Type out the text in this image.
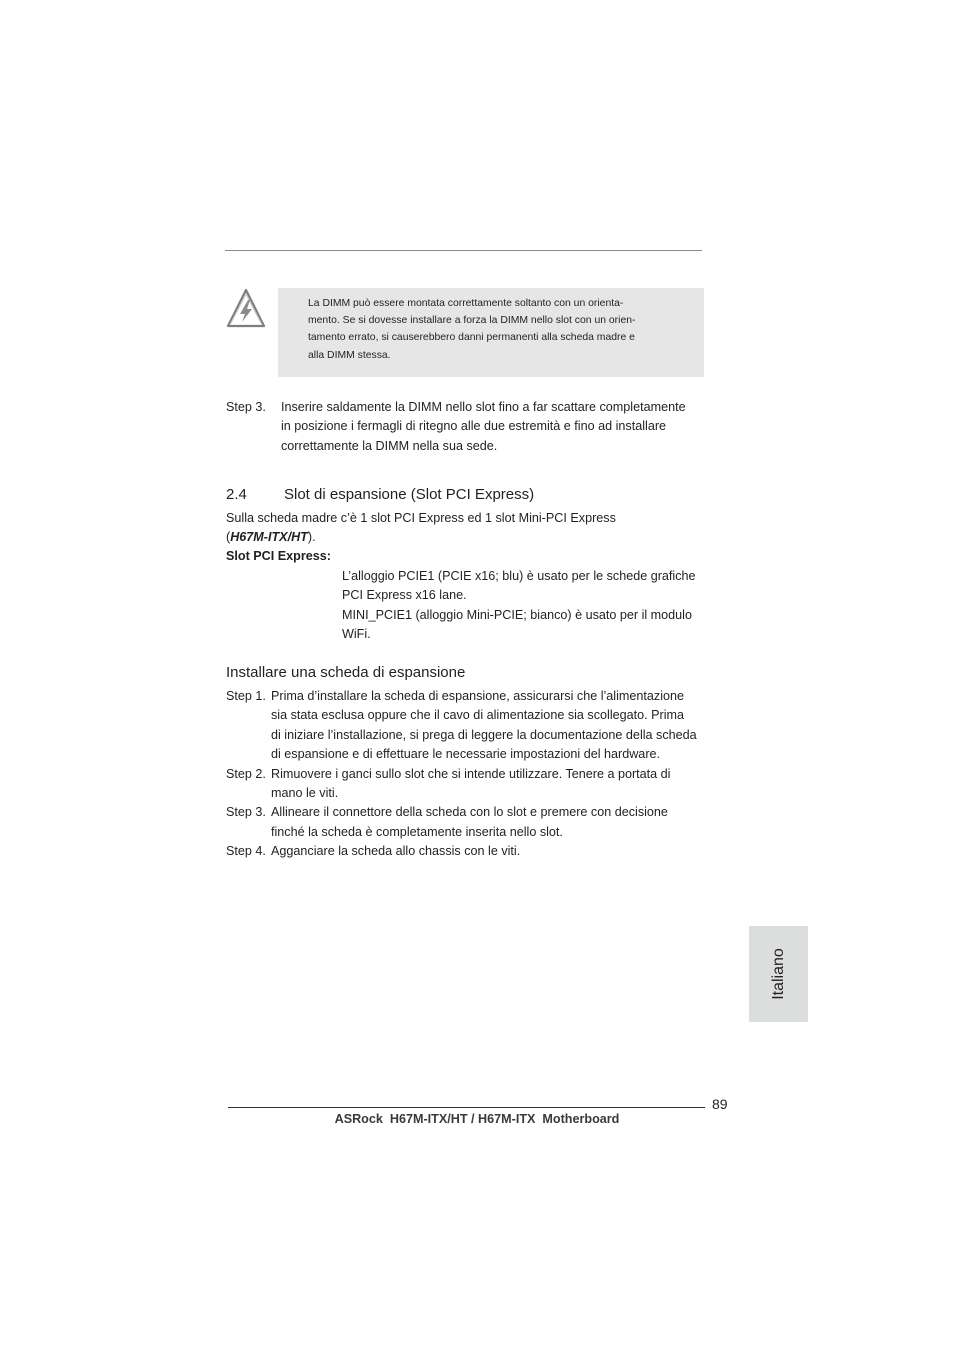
La DIMM può essere montata correttamente soltanto con un orienta-
mento. Se si dovesse installare a forza la DIMM nello slot con un orien-
tamento errato, si causerebbero danni permanenti alla scheda madre e
alla DIMM stessa.
Step 3. Inserire saldamente la DIMM nello slot fino a far scattare completamente
in posizione i fermagli di ritegno alle due estremità e fino ad installare
correttamente la DIMM nella sua sede.
2.4 Slot di espansione (Slot PCI Express)
Sulla scheda madre c’è 1 slot PCI Express ed 1 slot Mini-PCI Express
(H67M-ITX/HT).
Slot PCI Express:
L’alloggio PCIE1 (PCIE x16; blu) è usato per le schede grafiche
PCI Express x16 lane.
MINI_PCIE1 (alloggio Mini-PCIE; bianco) è usato per il modulo
WiFi.
Installare una scheda di espansione
Step 1. Prima d’installare la scheda di espansione, assicurarsi che l’alimentazione
sia stata esclusa oppure che il cavo di alimentazione sia scollegato. Prima
di iniziare l’installazione, si prega di leggere la documentazione della scheda
di espansione e di effettuare le necessarie impostazioni del hardware.
Step 2. Rimuovere i ganci sullo slot che si intende utilizzare. Tenere a portata di
mano le viti.
Step 3. Allineare il connettore della scheda con lo slot e premere con decisione
finché la scheda è completamente inserita nello slot.
Step 4. Agganciare la scheda allo chassis con le viti.
Italiano
89
ASRock  H67M-ITX/HT / H67M-ITX  Motherboard
